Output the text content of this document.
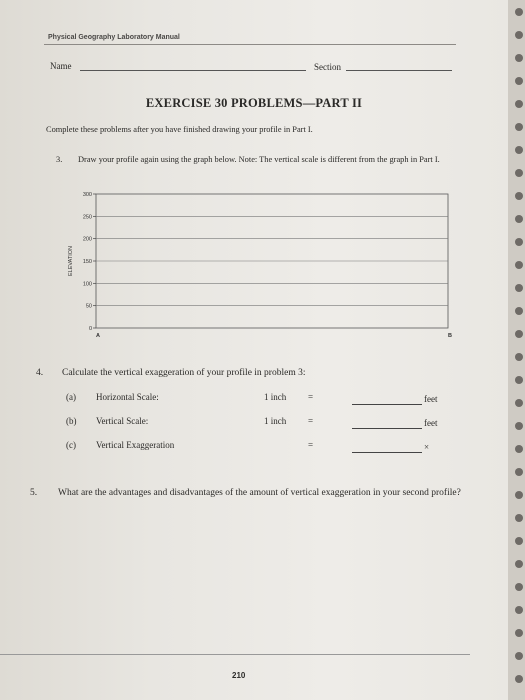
Physical Geography Laboratory Manual
Name	Section
EXERCISE 30 PROBLEMS—PART II
Complete these problems after you have finished drawing your profile in Part I.
3. Draw your profile again using the graph below. Note: The vertical scale is different from the graph in Part I.
0
50
100
150
200
250
300
ELEVATION
A	B
4. Calculate the vertical exaggeration of your profile in problem 3:
(a) Horizontal Scale:	1 inch =	feet
(b) Vertical Scale:	1 inch =	feet
(c) Vertical Exaggeration	=	×
5. What are the advantages and disadvantages of the amount of vertical exaggeration in your second profile?
210
